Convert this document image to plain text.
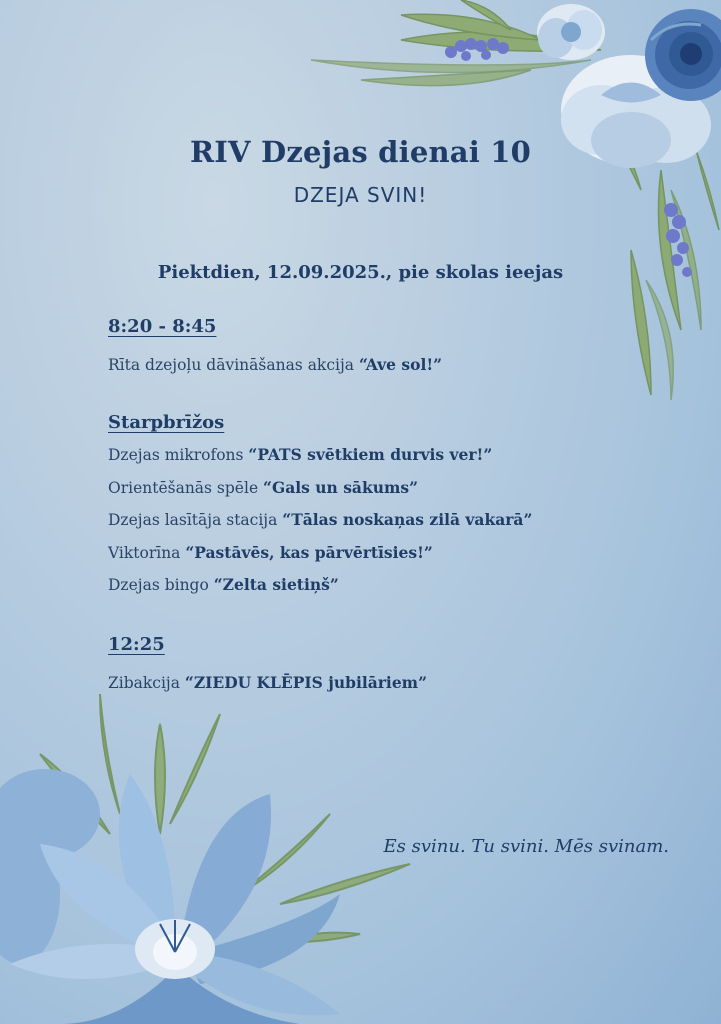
RIV Dzejas dienai 10
DZEJA SVIN!
Piektdien, 12.09.2025., pie skolas ieejas
8:20 - 8:45
Rīta dzejoļu dāvināšanas akcija “Ave sol!”
Starpbrīžos
Dzejas mikrofons “PATS svētkiem durvis ver!”
Orientēšanās spēle “Gals un sākums”
Dzejas lasītāja stacija “Tālas noskaņas zilā vakarā”
Viktorīna “Pastāvēs, kas pārvērtīsies!”
Dzejas bingo “Zelta sietiņš”
12:25
Zibakcija “ZIEDU KLĒPIS jubilāriem”
Es svinu. Tu svini. Mēs svinam.
